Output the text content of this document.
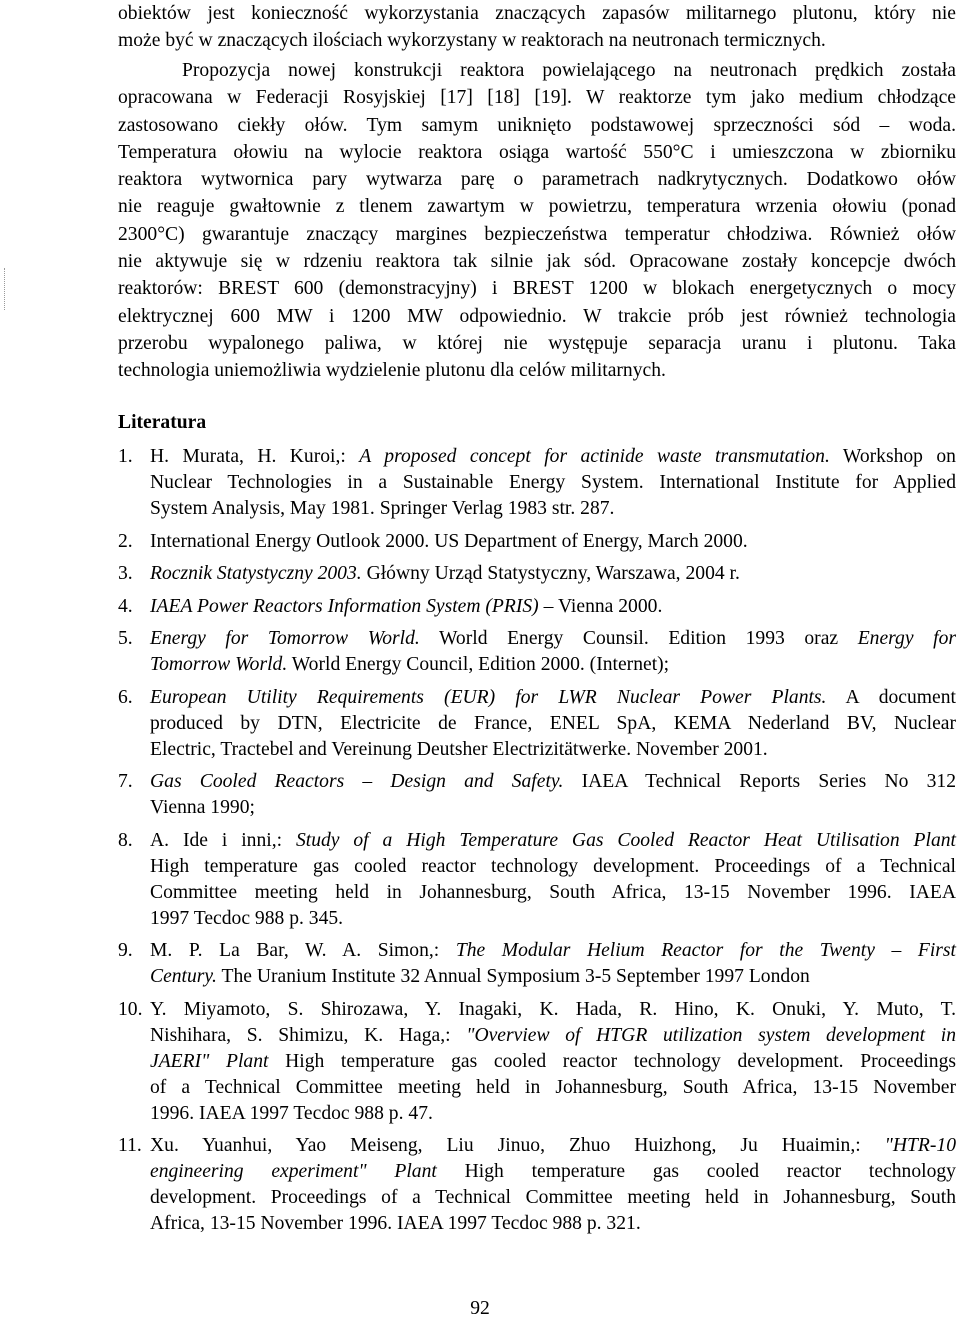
obiektów jest konieczność wykorzystania znaczących zapasów militarnego plutonu, który nie
może być w znaczących ilościach wykorzystany w reaktorach na neutronach termicznych.

Propozycja nowej konstrukcji reaktora powielającego na neutronach prędkich została
opracowana w Federacji Rosyjskiej [17] [18] [19]. W reaktorze tym jako medium chłodzące
zastosowano ciekły ołów. Tym samym uniknięto podstawowej sprzeczności sód – woda.
Temperatura ołowiu na wylocie reaktora osiąga wartość 550°C i umieszczona w zbiorniku
reaktora wytwornica pary wytwarza parę o parametrach nadkrytycznych. Dodatkowo ołów
nie reaguje gwałtownie z tlenem zawartym w powietrzu, temperatura wrzenia ołowiu (ponad
2300°C) gwarantuje znaczący margines bezpieczeństwa temperatur chłodziwa. Również ołów
nie aktywuje się w rdzeniu reaktora tak silnie jak sód. Opracowane zostały koncepcje dwóch
reaktorów: BREST 600 (demonstracyjny) i BREST 1200 w blokach energetycznych o mocy
elektrycznej 600 MW i 1200 MW odpowiednio. W trakcie prób jest również technologia
przerobu wypalonego paliwa, w której nie występuje separacja uranu i plutonu. Taka
technologia uniemożliwia wydzielenie plutonu dla celów militarnych.

Literatura
1. H. Murata, H. Kuroi,: A proposed concept for actinide waste transmutation. Workshop on
Nuclear Technologies in a Sustainable Energy System. International Institute for Applied
System Analysis, May 1981. Springer Verlag 1983 str. 287.
2. International Energy Outlook 2000. US Department of Energy, March 2000.
3. Rocznik Statystyczny 2003. Główny Urząd Statystyczny, Warszawa, 2004 r.
4. IAEA Power Reactors Information System (PRIS) – Vienna 2000.
5. Energy for Tomorrow World. World Energy Counsil. Edition 1993 oraz Energy for
Tomorrow World. World Energy Council, Edition 2000. (Internet);
6. European Utility Requirements (EUR) for LWR Nuclear Power Plants. A document
produced by DTN, Electricite de France, ENEL SpA, KEMA Nederland BV, Nuclear
Electric, Tractebel and Vereinung Deutsher Electrizitätwerke. November 2001.
7. Gas Cooled Reactors – Design and Safety. IAEA Technical Reports Series No 312
Vienna 1990;
8. A. Ide i inni,: Study of a High Temperature Gas Cooled Reactor Heat Utilisation Plant
High temperature gas cooled reactor technology development. Proceedings of a Technical
Committee meeting held in Johannesburg, South Africa, 13-15 November 1996. IAEA
1997 Tecdoc 988 p. 345.
9. M. P. La Bar, W. A. Simon,: The Modular Helium Reactor for the Twenty – First
Century. The Uranium Institute 32 Annual Symposium 3-5 September 1997 London
10. Y. Miyamoto, S. Shirozawa, Y. Inagaki, K. Hada, R. Hino, K. Onuki, Y. Muto, T.
Nishihara, S. Shimizu, K. Haga,: "Overview of HTGR utilization system development in
JAERI" Plant High temperature gas cooled reactor technology development. Proceedings
of a Technical Committee meeting held in Johannesburg, South Africa, 13-15 November
1996. IAEA 1997 Tecdoc 988 p. 47.
11. Xu. Yuanhui, Yao Meiseng, Liu Jinuo, Zhuo Huizhong, Ju Huaimin,: "HTR-10
engineering experiment" Plant High temperature gas cooled reactor technology
development. Proceedings of a Technical Committee meeting held in Johannesburg, South
Africa, 13-15 November 1996. IAEA 1997 Tecdoc 988 p. 321.
92
